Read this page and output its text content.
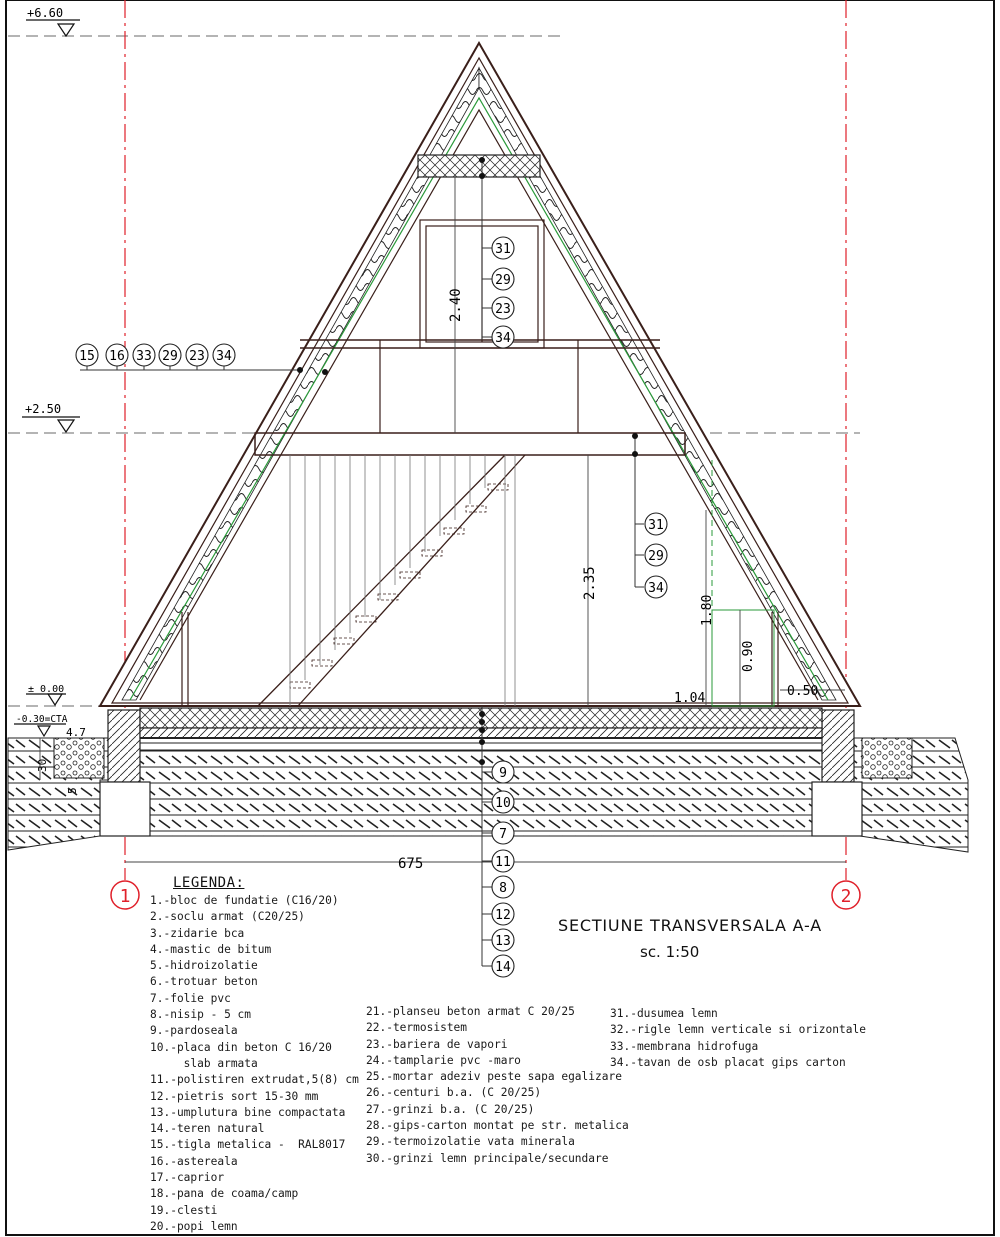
+6.60
+2.50
± 0.00
-0.30=CTA
1	2
2.40
2.35
1.80
0.90
1.04	0.50
675
4.7
30
5
15 16 33 29 23 34
31
29
23
34
31
29
34
9
10
7
11
8
12
13
14
LEGENDA:
1.-bloc de fundatie (C16/20)
2.-soclu armat (C20/25)
3.-zidarie bca
4.-mastic de bitum
5.-hidroizolatie
6.-trotuar beton
7.-folie pvc
8.-nisip - 5 cm
9.-pardoseala
10.-placa din beton C 16/20
slab armata
11.-polistiren extrudat,5(8) cm
12.-pietris sort 15-30 mm
13.-umplutura bine compactata
14.-teren natural
15.-tigla metalica -  RAL8017
16.-astereala
17.-caprior
18.-pana de coama/camp
19.-clesti
20.-popi lemn
21.-planseu beton armat C 20/25
22.-termosistem
23.-bariera de vapori
24.-tamplarie pvc -maro
25.-mortar adeziv peste sapa egalizare
26.-centuri b.a. (C 20/25)
27.-grinzi b.a. (C 20/25)
28.-gips-carton montat pe str. metalica
29.-termoizolatie vata minerala
30.-grinzi lemn principale/secundare
31.-dusumea lemn
32.-rigle lemn verticale si orizontale
33.-membrana hidrofuga
34.-tavan de osb placat gips carton
SECTIUNE TRANSVERSALA A-A
sc. 1:50
